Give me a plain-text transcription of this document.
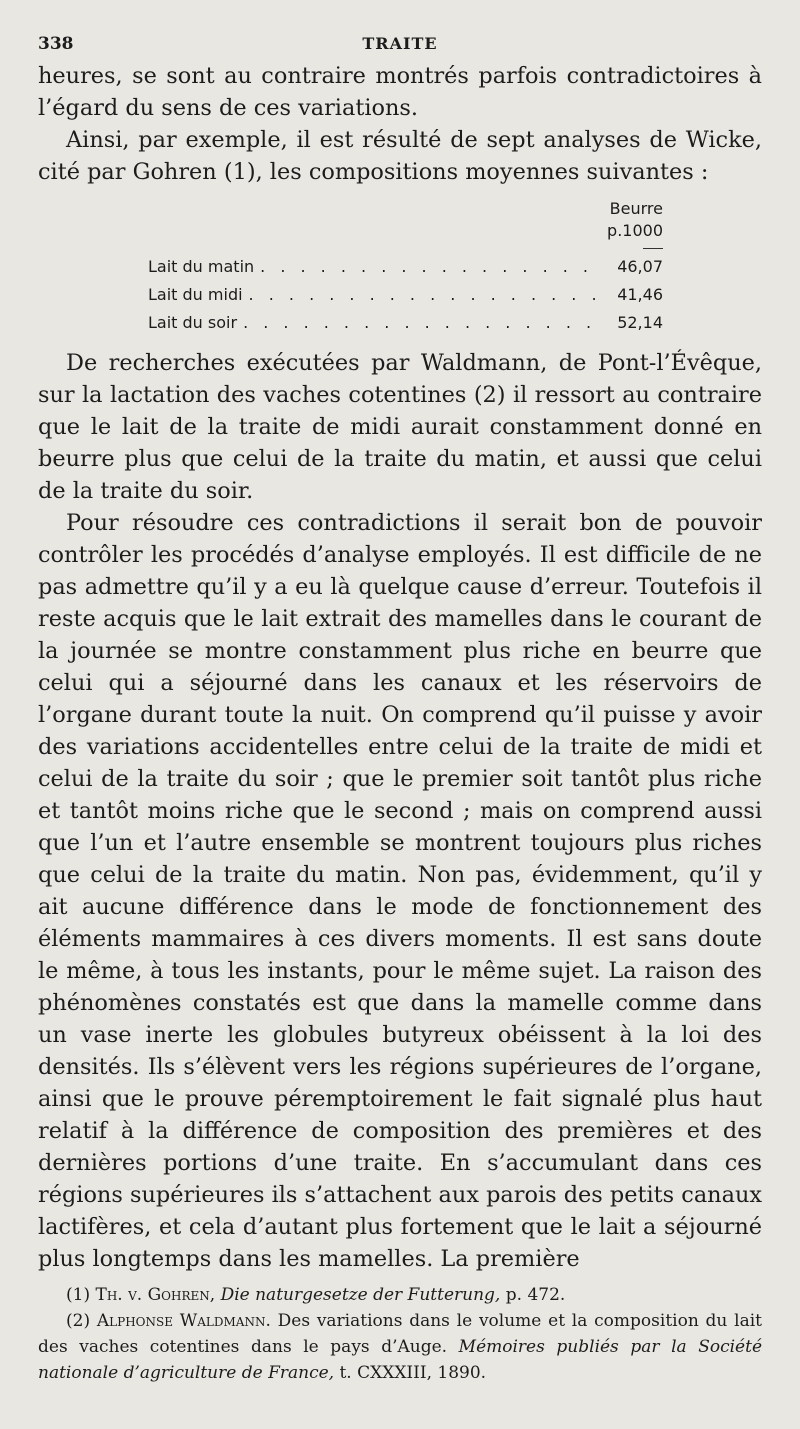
338	TRAITE

heures, se sont au contraire montrés parfois contradictoires à l’égard du sens de ces variations.

Ainsi, par exemple, il est résulté de sept analyses de Wicke, cité par Gohren (1), les compositions moyennes suivantes :

Beurre
p.1000
Lait du matin . . .	46,07
Lait du midi . . .	41,46
Lait du soir . . .	52,14

De recherches exécutées par Waldmann, de Pont-l’Évêque, sur la lactation des vaches cotentines (2) il ressort au contraire que le lait de la traite de midi aurait constamment donné en beurre plus que celui de la traite du matin, et aussi que celui de la traite du soir.

Pour résoudre ces contradictions il serait bon de pouvoir contrôler les procédés d’analyse employés. Il est difficile de ne pas admettre qu’il y a eu là quelque cause d’erreur. Toutefois il reste acquis que le lait extrait des mamelles dans le courant de la journée se montre constamment plus riche en beurre que celui qui a séjourné dans les canaux et les réservoirs de l’organe durant toute la nuit. On comprend qu’il puisse y avoir des variations accidentelles entre celui de la traite de midi et celui de la traite du soir ; que le premier soit tantôt plus riche et tantôt moins riche que le second ; mais on comprend aussi que l’un et l’autre ensemble se montrent toujours plus riches que celui de la traite du matin. Non pas, évidemment, qu’il y ait aucune différence dans le mode de fonctionnement des éléments mammaires à ces divers moments. Il est sans doute le même, à tous les instants, pour le même sujet. La raison des phénomènes constatés est que dans la mamelle comme dans un vase inerte les globules butyreux obéissent à la loi des densités. Ils s’élèvent vers les régions supérieures de l’organe, ainsi que le prouve péremptoirement le fait signalé plus haut relatif à la différence de composition des premières et des dernières portions d’une traite. En s’accumulant dans ces régions supérieures ils s’attachent aux parois des petits canaux lactifères, et cela d’autant plus fortement que le lait a séjourné plus longtemps dans les mamelles. La première

(1) Th. v. Gohren, Die naturgesetze der Futterung, p. 472.

(2) Alphonse Waldmann. Des variations dans le volume et la composition du lait des vaches cotentines dans le pays d’Auge. Mémoires publiés par la Société nationale d’agriculture de France, t. CXXXIII, 1890.
